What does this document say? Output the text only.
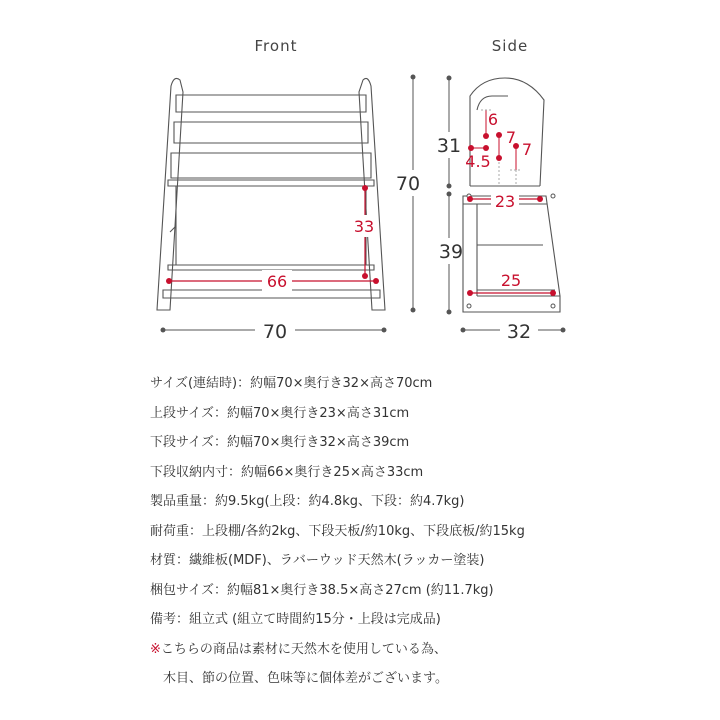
Front
70
70
66
33
Side
31
39
32
23
25
6
7
7
4.5
サイズ(連結時)：約幅70×奥行き32×高さ70cm
上段サイズ：約幅70×奥行き23×高さ31cm
下段サイズ：約幅70×奥行き32×高さ39cm
下段収納内寸：約幅66×奥行き25×高さ33cm
製品重量：約9.5kg(上段：約4.8kg、下段：約4.7kg)
耐荷重：上段棚/各約2kg、下段天板/約10kg、下段底板/約15kg
材質：繊維板(MDF)、ラバーウッド天然木(ラッカー塗装)
梱包サイズ：約幅81×奥行き38.5×高さ27cm (約11.7kg)
備考：組立式 (組立て時間約15分・上段は完成品)
※こちらの商品は素材に天然木を使用している為、
木目、節の位置、色味等に個体差がございます。
